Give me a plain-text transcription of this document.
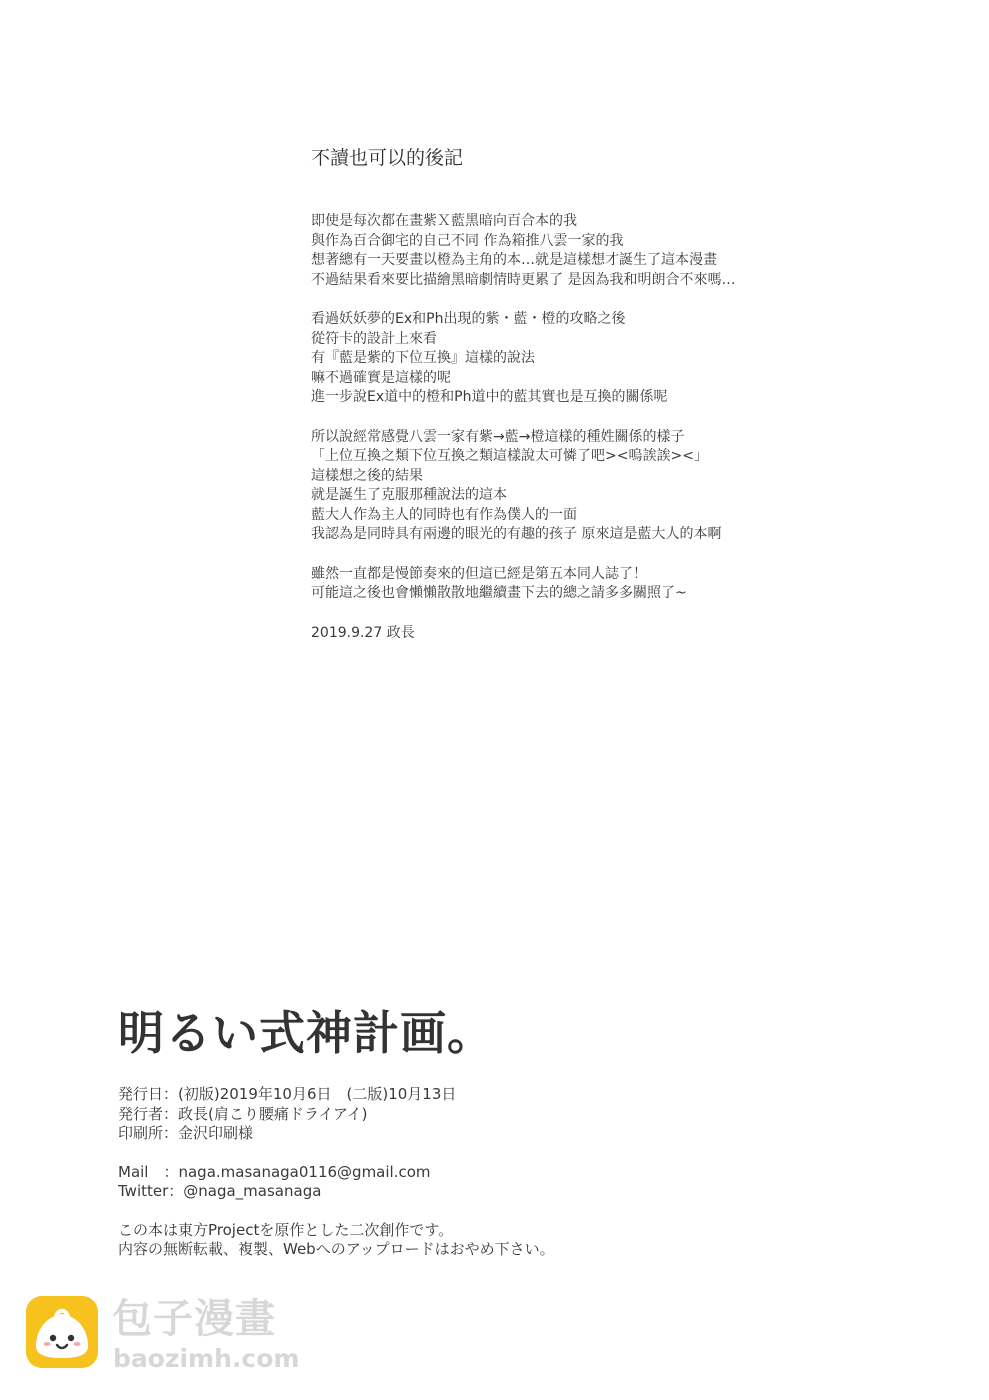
不讀也可以的後記
即使是每次都在畫紫Ｘ藍黑暗向百合本的我
與作為百合御宅的自己不同 作為箱推八雲一家的我
想著總有一天要畫以橙為主角的本…就是這樣想才誕生了這本漫畫
不過結果看來要比描繪黑暗劇情時更累了 是因為我和明朗合不來嗎…
看過妖妖夢的Ex和Ph出現的紫・藍・橙的攻略之後
從符卡的設計上來看
有『藍是紫的下位互換』這樣的說法
嘛不過確實是這樣的呢
進一步說Ex道中的橙和Ph道中的藍其實也是互換的關係呢
所以說經常感覺八雲一家有紫→藍→橙這樣的種姓關係的樣子
「上位互換之類下位互換之類這樣說太可憐了吧><嗚誒誒><」
這樣想之後的結果
就是誕生了克服那種說法的這本
藍大人作為主人的同時也有作為僕人的一面
我認為是同時具有兩邊的眼光的有趣的孩子 原來這是藍大人的本啊
雖然一直都是慢節奏來的但這已經是第五本同人誌了！
可能這之後也會懶懶散散地繼續畫下去的總之請多多關照了~
2019.9.27 政長
明るい式神計画。
発行日：(初版)2019年10月6日　(二版)10月13日
発行者：政長(肩こり腰痛ドライアイ)
印刷所：金沢印刷様
Mail　：naga.masanaga0116@gmail.com
Twitter：@naga_masanaga
この本は東方Projectを原作とした二次創作です。
内容の無断転載、複製、Webへのアップロードはおやめ下さい。
包子漫畫
baozimh.com
